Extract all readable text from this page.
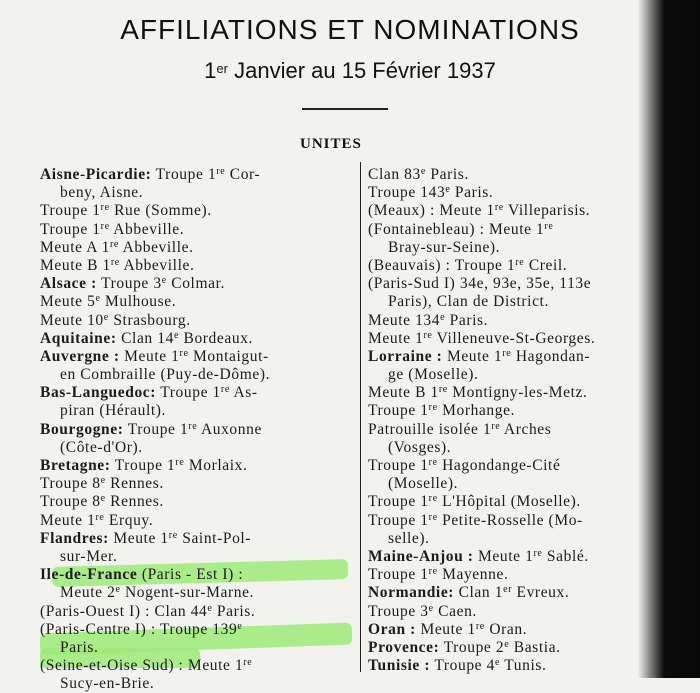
AFFILIATIONS ET NOMINATIONS
1er Janvier au 15 Février 1937
UNITES
Aisne-Picardie: Troupe 1re Cor-
beny, Aisne.
Troupe 1re Rue (Somme).
Troupe 1re Abbeville.
Meute A 1re Abbeville.
Meute B 1re Abbeville.
Alsace : Troupe 3e Colmar.
Meute 5e Mulhouse.
Meute 10e Strasbourg.
Aquitaine: Clan 14e Bordeaux.
Auvergne : Meute 1re Montaigut-
en Combraille (Puy-de-Dôme).
Bas-Languedoc: Troupe 1re As-
piran (Hérault).
Bourgogne: Troupe 1re Auxonne
(Côte-d'Or).
Bretagne: Troupe 1re Morlaix.
Troupe 8e Rennes.
Troupe 8e Rennes.
Meute 1re Erquy.
Flandres: Meute 1re Saint-Pol-
sur-Mer.
Ile-de-France (Paris - Est I) :
Meute 2e Nogent-sur-Marne.
(Paris-Ouest I) : Clan 44e Paris.
(Paris-Centre I) : Troupe 139e
Paris.
(Seine-et-Oise Sud) : Meute 1re
Sucy-en-Brie.
Clan 83e Paris.
Troupe 143e Paris.
(Meaux) : Meute 1re Villeparisis.
(Fontainebleau) : Meute 1re
Bray-sur-Seine).
(Beauvais) : Troupe 1re Creil.
(Paris-Sud I) 34e, 93e, 35e, 113e
Paris), Clan de District.
Meute 134e Paris.
Meute 1re Villeneuve-St-Georges.
Lorraine : Meute 1re Hagondan-
ge (Moselle).
Meute B 1re Montigny-les-Metz.
Troupe 1re Morhange.
Patrouille isolée 1re Arches
(Vosges).
Troupe 1re Hagondange-Cité
(Moselle).
Troupe 1re L'Hôpital (Moselle).
Troupe 1re Petite-Rosselle (Mo-
selle).
Maine-Anjou : Meute 1re Sablé.
Troupe 1re Mayenne.
Normandie: Clan 1er Evreux.
Troupe 3e Caen.
Oran : Meute 1re Oran.
Provence: Troupe 2e Bastia.
Tunisie : Troupe 4e Tunis.
